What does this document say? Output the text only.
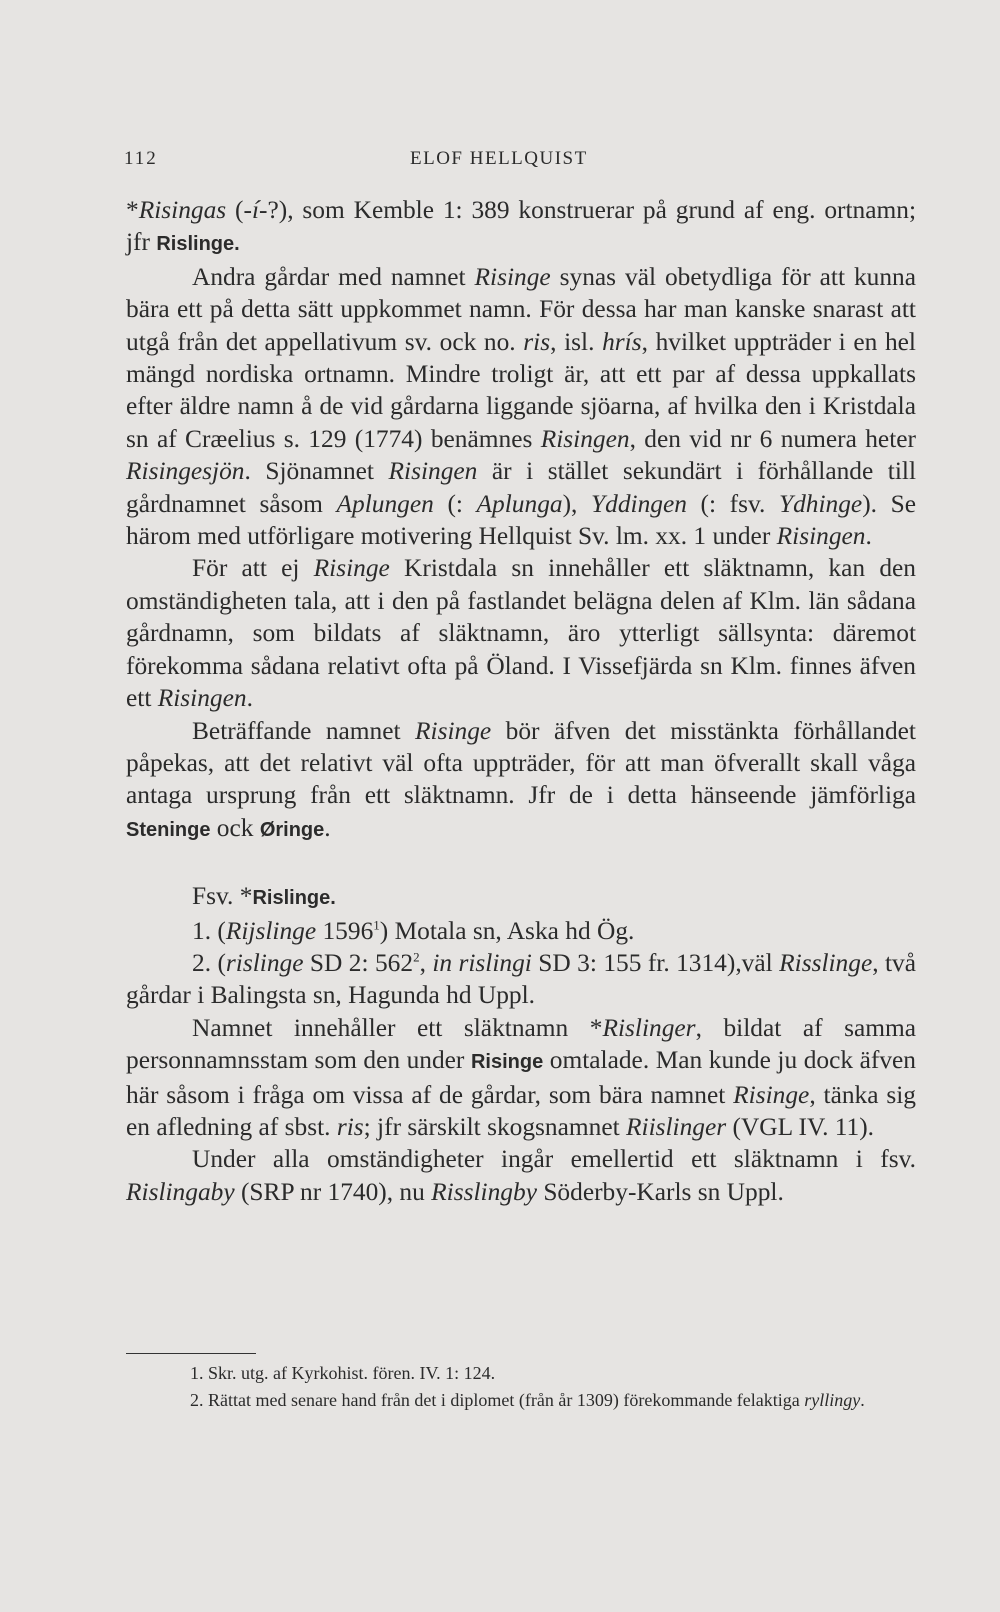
112	ELOF HELLQUIST

*Risingas (-í-?), som Kemble 1: 389 konstruerar på grund af eng. ortnamn; jfr Rislinge.

Andra gårdar med namnet Risinge synas väl obetydliga för att kunna bära ett på detta sätt uppkommet namn. För dessa har man kanske snarast att utgå från det appellativum sv. ock no. ris, isl. hrís, hvilket uppträder i en hel mängd nordiska ortnamn. Mindre troligt är, att ett par af dessa uppkallats efter äldre namn å de vid gårdarna liggande sjöarna, af hvilka den i Kristdala sn af Cræelius s. 129 (1774) benämnes Risingen, den vid nr 6 numera heter Risingesjön. Sjönamnet Risingen är i stället sekundärt i förhållande till gårdnamnet såsom Aplungen (: Aplunga), Yddingen (: fsv. Ydhinge). Se härom med utförligare motivering Hellquist Sv. lm. xx. 1 under Risingen.

För att ej Risinge Kristdala sn innehåller ett släktnamn, kan den omständigheten tala, att i den på fastlandet belägna delen af Klm. län sådana gårdnamn, som bildats af släktnamn, äro ytterligt sällsynta: däremot förekomma sådana relativt ofta på Öland. I Vissefjärda sn Klm. finnes äfven ett Risingen.

Beträffande namnet Risinge bör äfven det misstänkta förhållandet påpekas, att det relativt väl ofta uppträder, för att man öfverallt skall våga antaga ursprung från ett släktnamn. Jfr de i detta hänseende jämförliga Steninge ock Øringe.

Fsv. *Rislinge.

1. (Rijslinge 1596$^1$) Motala sn, Aska hd Ög.

2. (rislinge SD 2: $562^2$, in rislingi SD 3: 155 fr. 1314),väl Risslinge, två gårdar i Balingsta sn, Hagunda hd Uppl.

Namnet innehåller ett släktnamn *Rislinger, bildat af samma personnamnsstam som den under Risinge omtalade. Man kunde ju dock äfven här såsom i fråga om vissa af de gårdar, som bära namnet Risinge, tänka sig en afledning af sbst. ris; jfr särskilt skogsnamnet Riislinger (VGL IV. 11).

Under alla omständigheter ingår emellertid ett släktnamn i fsv. Rislingaby (SRP nr 1740), nu Risslingby Söderby-Karls sn Uppl.

1. Skr. utg. af Kyrkohist. fören. IV. 1: 124.

2. Rättat med senare hand från det i diplomet (från år 1309) förekommande felaktiga ryllingy.
